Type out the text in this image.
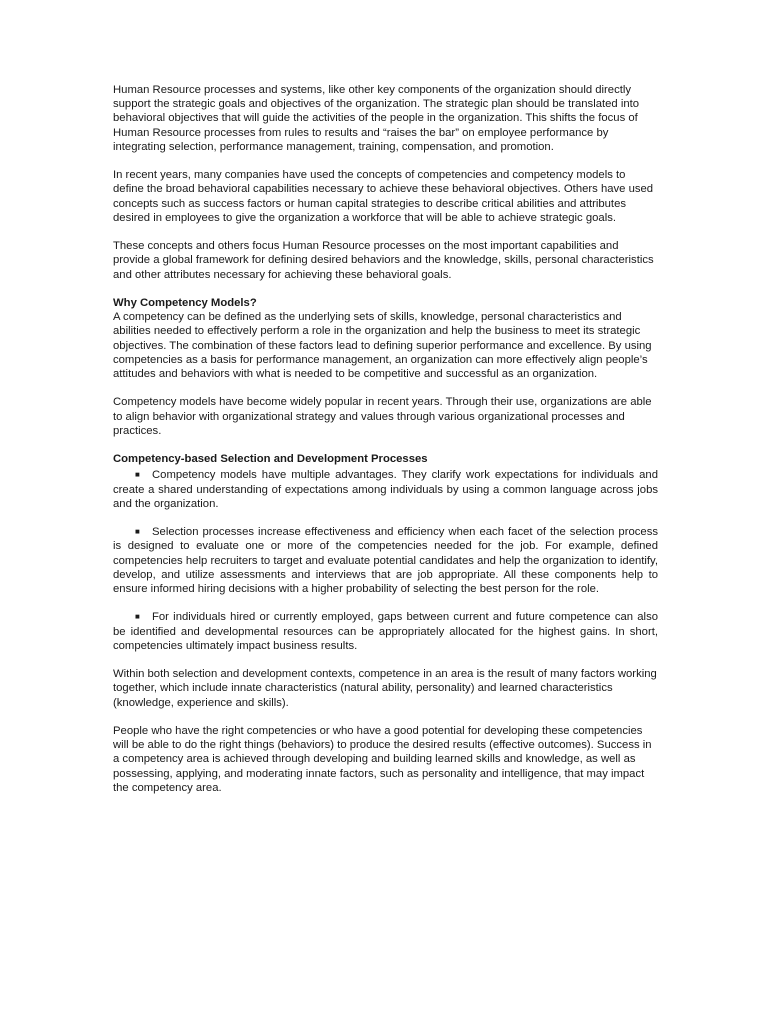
Human Resource processes and systems, like other key components of the organization should directly support the strategic goals and objectives of the organization. The strategic plan should be translated into behavioral objectives that will guide the activities of the people in the organization. This shifts the focus of Human Resource processes from rules to results and “raises the bar” on employee performance by integrating selection, performance management, training, compensation, and promotion.

In recent years, many companies have used the concepts of competencies and competency models to define the broad behavioral capabilities necessary to achieve these behavioral objectives. Others have used concepts such as success factors or human capital strategies to describe critical abilities and attributes desired in employees to give the organization a workforce that will be able to achieve strategic goals.

These concepts and others focus Human Resource processes on the most important capabilities and provide a global framework for defining desired behaviors and the knowledge, skills, personal characteristics and other attributes necessary for achieving these behavioral goals.

Why Competency Models?

A competency can be defined as the underlying sets of skills, knowledge, personal characteristics and abilities needed to effectively perform a role in the organization and help the business to meet its strategic objectives. The combination of these factors lead to defining superior performance and excellence. By using competencies as a basis for performance management, an organization can more effectively align people’s attitudes and behaviors with what is needed to be competitive and successful as an organization.

Competency models have become widely popular in recent years. Through their use, organizations are able to align behavior with organizational strategy and values through various organizational processes and practices.

Competency-based Selection and Development Processes
■ Competency models have multiple advantages. They clarify work expectations for individuals and create a shared understanding of expectations among individuals by using a common language across jobs and the organization.
■ Selection processes increase effectiveness and efficiency when each facet of the selection process is designed to evaluate one or more of the competencies needed for the job. For example, defined competencies help recruiters to target and evaluate potential candidates and help the organization to identify, develop, and utilize assessments and interviews that are job appropriate. All these components help to ensure informed hiring decisions with a higher probability of selecting the best person for the role.
■ For individuals hired or currently employed, gaps between current and future competence can also be identified and developmental resources can be appropriately allocated for the highest gains. In short, competencies ultimately impact business results.

Within both selection and development contexts, competence in an area is the result of many factors working together, which include innate characteristics (natural ability, personality) and learned characteristics (knowledge, experience and skills).

People who have the right competencies or who have a good potential for developing these competencies will be able to do the right things (behaviors) to produce the desired results (effective outcomes). Success in a competency area is achieved through developing and building learned skills and knowledge, as well as possessing, applying, and moderating innate factors, such as personality and intelligence, that may impact the competency area.
